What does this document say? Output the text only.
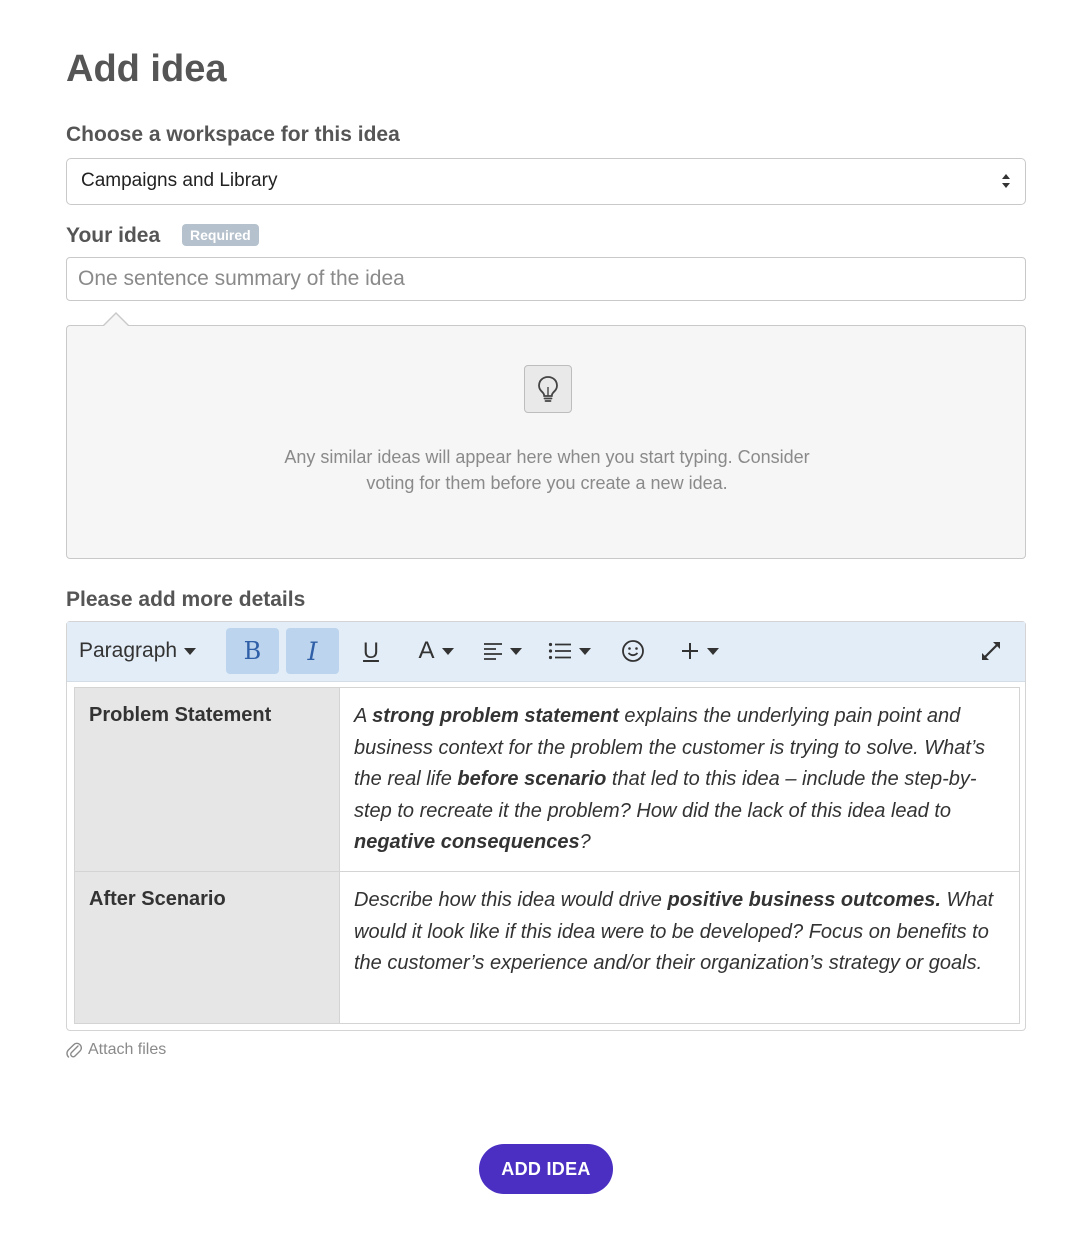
Add idea
Choose a workspace for this idea
Campaigns and Library
Your idea	Required
One sentence summary of the idea
Any similar ideas will appear here when you start typing. Consider
voting for them before you create a new idea.
Please add more details
Paragraph	B I U A
Problem Statement	A strong problem statement explains the underlying pain point and business context for the problem the customer is trying to solve. What’s the real life before scenario that led to this idea – include the step-by-step to recreate it the problem? How did the lack of this idea lead to negative consequences?
After Scenario	Describe how this idea would drive positive business outcomes. What would it look like if this idea were to be developed? Focus on benefits to the customer’s experience and/or their organization’s strategy or goals.
Attach files
ADD IDEA
